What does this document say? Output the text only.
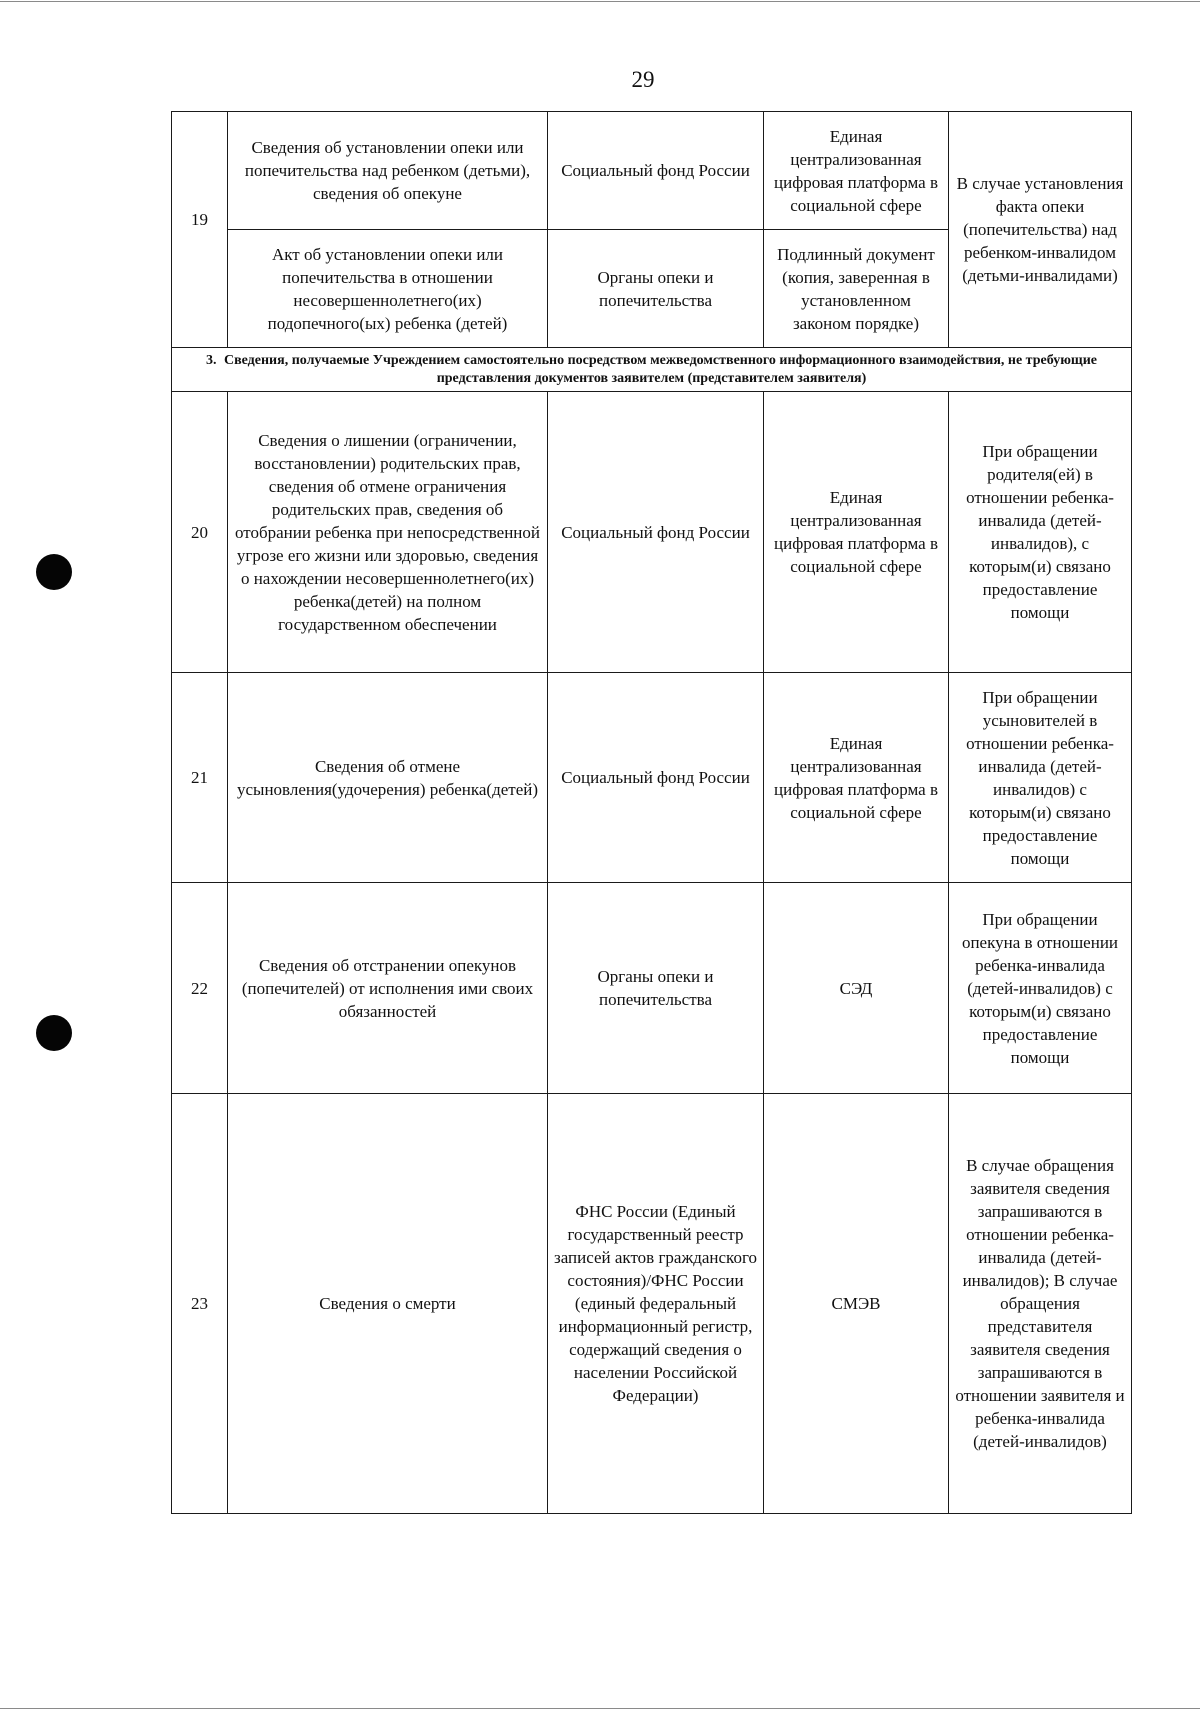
29
19	Сведения об установлении опеки или попечительства над ребенком (детьми), сведения об опекуне	Социальный фонд России	Единая централизованная цифровая платформа в социальной сфере	В случае установления факта опеки (попечительства) над ребенком-инвалидом (детьми-инвалидами)
	Акт об установлении опеки или попечительства в отношении несовершеннолетнего(их) подопечного(ых) ребенка (детей)	Органы опеки и попечительства	Подлинный документ (копия, заверенная в установленном законом порядке)	
3. Сведения, получаемые Учреждением самостоятельно посредством межведомственного информационного взаимодействия, не требующие представления документов заявителем (представителем заявителя)				
20	Сведения о лишении (ограничении, восстановлении) родительских прав, сведения об отмене ограничения родительских прав, сведения об отобрании ребенка при непосредственной угрозе его жизни или здоровью, сведения о нахождении несовершеннолетнего(их) ребенка(детей) на полном государственном обеспечении	Социальный фонд России	Единая централизованная цифровая платформа в социальной сфере	При обращении родителя(ей) в отношении ребенка-инвалида (детей-инвалидов), с которым(и) связано предоставление помощи
21	Сведения об отмене усыновления(удочерения) ребенка(детей)	Социальный фонд России	Единая централизованная цифровая платформа в социальной сфере	При обращении усыновителей в отношении ребенка-инвалида (детей-инвалидов) с которым(и) связано предоставление помощи
22	Сведения об отстранении опекунов (попечителей) от исполнения ими своих обязанностей	Органы опеки и попечительства	СЭД	При обращении опекуна в отношении ребенка-инвалида (детей-инвалидов) с которым(и) связано предоставление помощи
23	Сведения о смерти	ФНС России (Единый государственный реестр записей актов гражданского состояния)/ФНС России (единый федеральный информационный регистр, содержащий сведения о населении Российской Федерации)	СМЭВ	В случае обращения заявителя сведения запрашиваются в отношении ребенка-инвалида (детей-инвалидов); В случае обращения представителя заявителя сведения запрашиваются в отношении заявителя и ребенка-инвалида (детей-инвалидов)
